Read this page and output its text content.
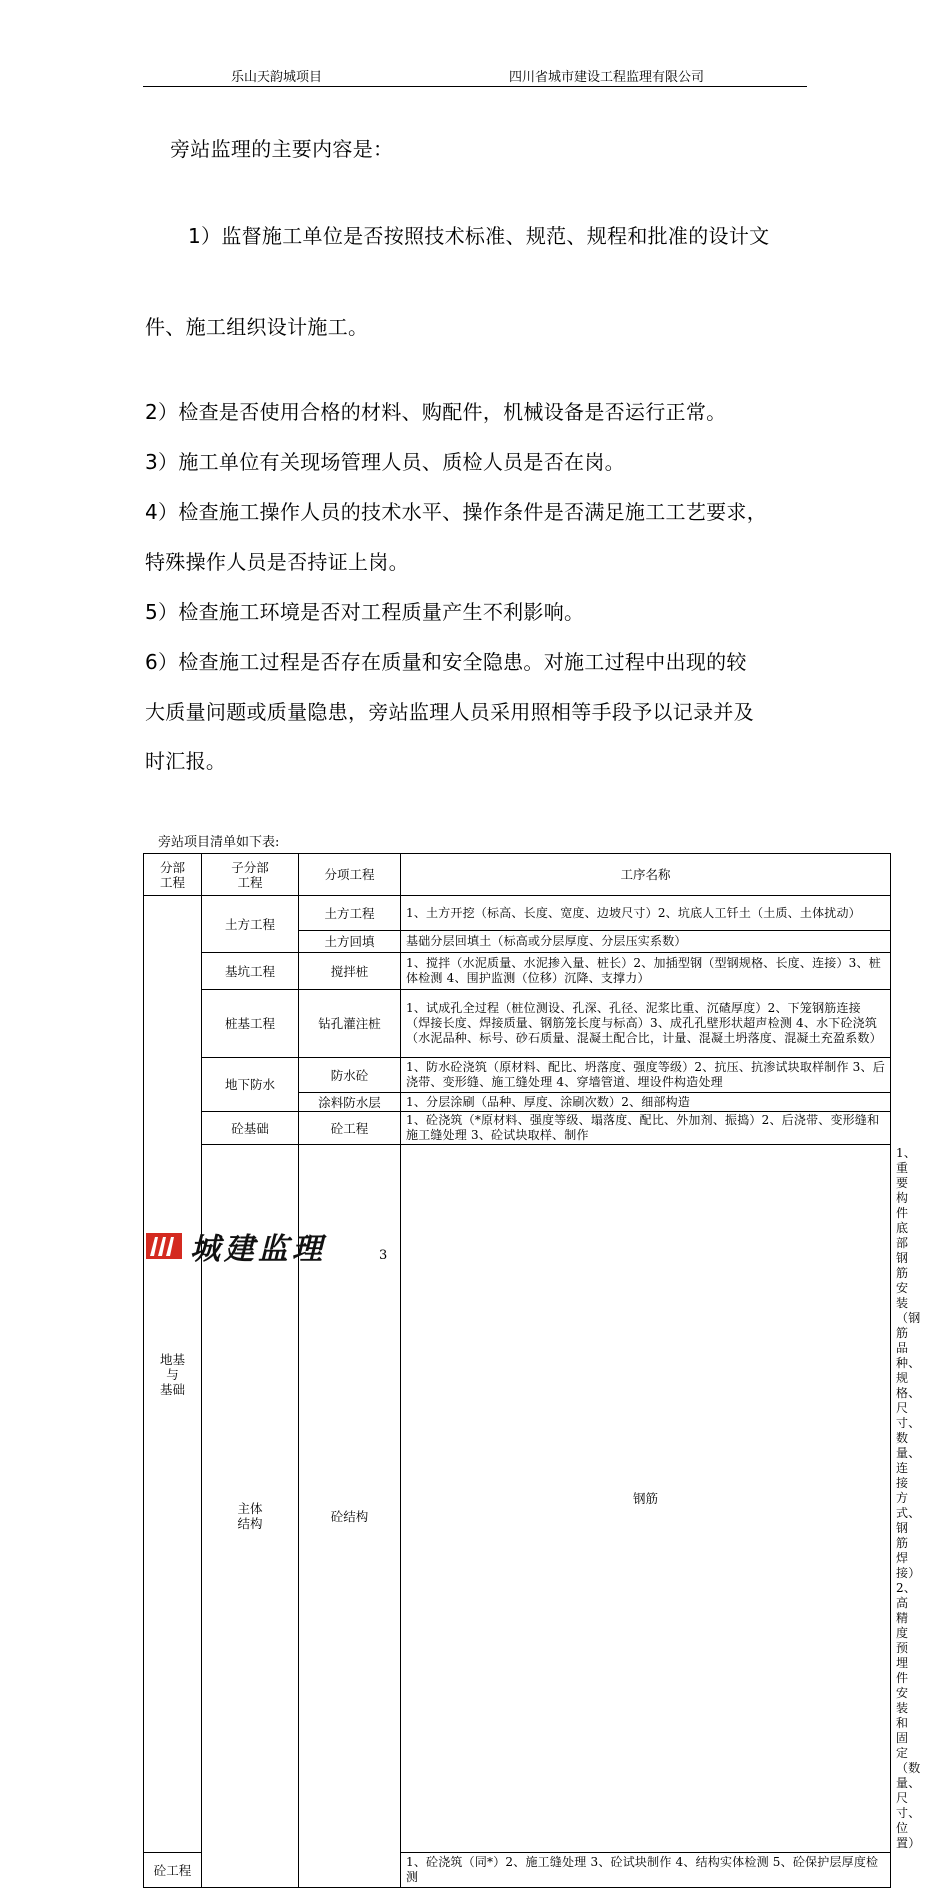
乐山天韵城项目	四川省城市建设工程监理有限公司
旁站监理的主要内容是：
1）监督施工单位是否按照技术标准、规范、规程和批准的设计文
件、施工组织设计施工。
2）检查是否使用合格的材料、购配件，机械设备是否运行正常。
3）施工单位有关现场管理人员、质检人员是否在岗。
4）检查施工操作人员的技术水平、操作条件是否满足施工工艺要求，
特殊操作人员是否持证上岗。
5）检查施工环境是否对工程质量产生不利影响。
6）检查施工过程是否存在质量和安全隐患。对施工过程中出现的较
大质量问题或质量隐患，旁站监理人员采用照相等手段予以记录并及
时汇报。
旁站项目清单如下表:
分部
工程	子分部
工程	分项工程	工序名称	
地基
与
基础	土方工程	土方工程	1、土方开挖（标高、长度、宽度、边坡尺寸）2、坑底人工钎土（土质、土体扰动）	
		土方回填	基础分层回填土（标高或分层厚度、分层压实系数）	
	基坑工程	搅拌桩	1、搅拌（水泥质量、水泥掺入量、桩长）2、加插型钢（型钢规格、长度、连接）3、桩体检测 4、围护监测（位移）沉降、支撑力）	
	桩基工程	钻孔灌注桩	1、试成孔全过程（桩位测设、孔深、孔径、泥浆比重、沉碴厚度）2、下笼钢筋连接（焊接长度、焊接质量、钢筋笼长度与标高）3、成孔孔壁形状超声检测 4、水下砼浇筑（水泥品种、标号、砂石质量、混凝土配合比，计量、混凝土坍落度、混凝土充盈系数）	
	地下防水	防水砼	1、防水砼浇筑（原材料、配比、坍落度、强度等级）2、抗压、抗渗试块取样制作 3、后浇带、变形缝、施工缝处理 4、穿墙管道、埋设件构造处理	
		涂料防水层	1、分层涂刷（品种、厚度、涂刷次数）2、细部构造	
	砼基础	砼工程	1、砼浇筑（*原材料、强度等级、塌落度、配比、外加剂、振捣）2、后浇带、变形缝和施工缝处理 3、砼试块取样、制作	
	主体
结构	砼结构	钢筋	1、重要构件底部钢筋安装（钢筋品种、规格、尺寸、数量、连接方式、钢筋焊接）2、高精度预埋件安装和固定（数量、尺寸、位置）
砼工程			1、砼浇筑（同*）2、施工缝处理 3、砼试块制作 4、结构实体检测 5、砼保护层厚度检测	
城建监理	3
